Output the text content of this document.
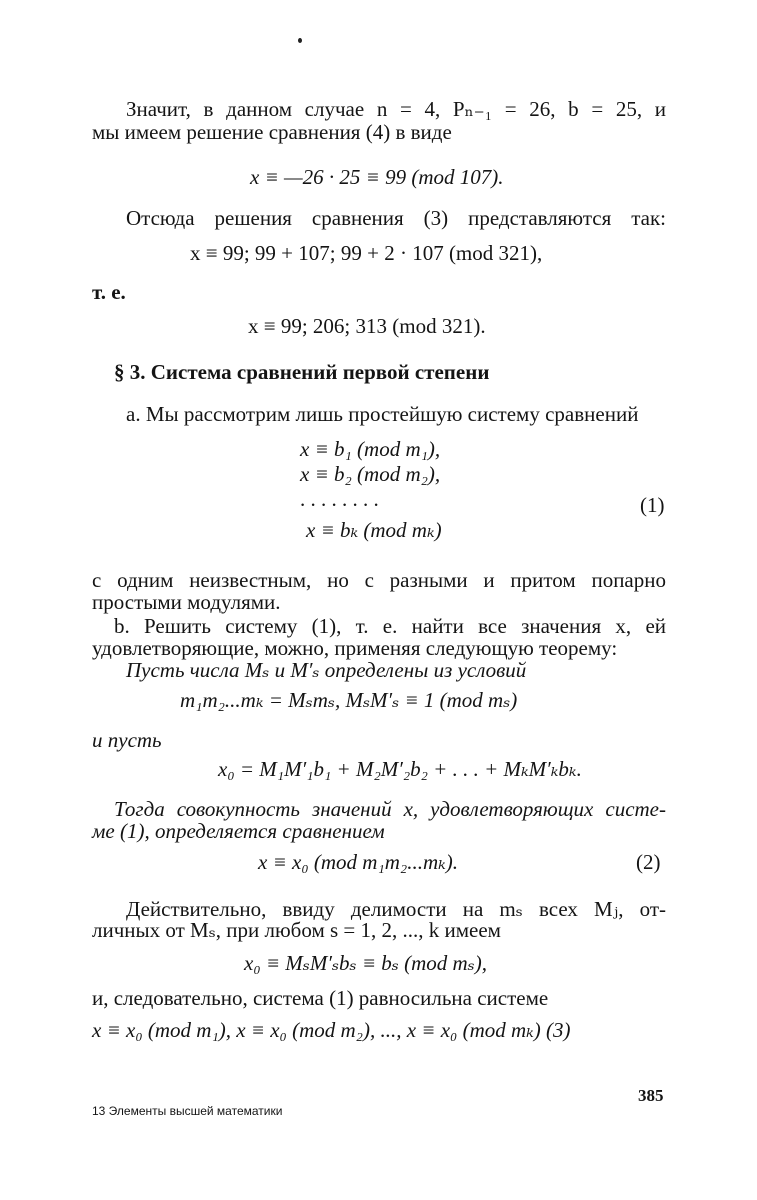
Значит, в данном случае n = 4, Pₙ₋₁ = 26, b = 25, и
мы имеем решение сравнения (4) в виде
x ≡ —26 · 25 ≡ 99 (mod 107).
Отсюда решения сравнения (3) представляются так:
x ≡ 99; 99 + 107; 99 + 2 · 107 (mod 321),
т. е.
x ≡ 99; 206; 313 (mod 321).
§ 3. Система сравнений первой степени
a. Мы рассмотрим лишь простейшую систему сравнений
x ≡ b₁ (mod m₁),
x ≡ b₂ (mod m₂),
. . . . . . . .
x ≡ bₖ (mod mₖ)
(1)
с одним неизвестным, но с разными и притом попарно
простыми модулями.
b. Решить систему (1), т. е. найти все значения x, ей
удовлетворяющие, можно, применяя следующую теорему:
Пусть числа Mₛ и M′ₛ определены из условий
m₁m₂...mₖ = Mₛmₛ, MₛM′ₛ ≡ 1 (mod mₛ)
и пусть
x₀ = M₁M′₁b₁ + M₂M′₂b₂ + . . . + MₖM′ₖbₖ.
Тогда совокупность значений x, удовлетворяющих систе-
ме (1), определяется сравнением
x ≡ x₀ (mod m₁m₂...mₖ).	(2)
Действительно, ввиду делимости на mₛ всех Mⱼ, от-
личных от Mₛ, при любом s = 1, 2, ..., k имеем
x₀ ≡ MₛM′ₛbₛ ≡ bₛ (mod mₛ),
и, следовательно, система (1) равносильна системе
x ≡ x₀ (mod m₁), x ≡ x₀ (mod m₂), ..., x ≡ x₀ (mod mₖ) (3)
385
13 Элементы высшей математики
